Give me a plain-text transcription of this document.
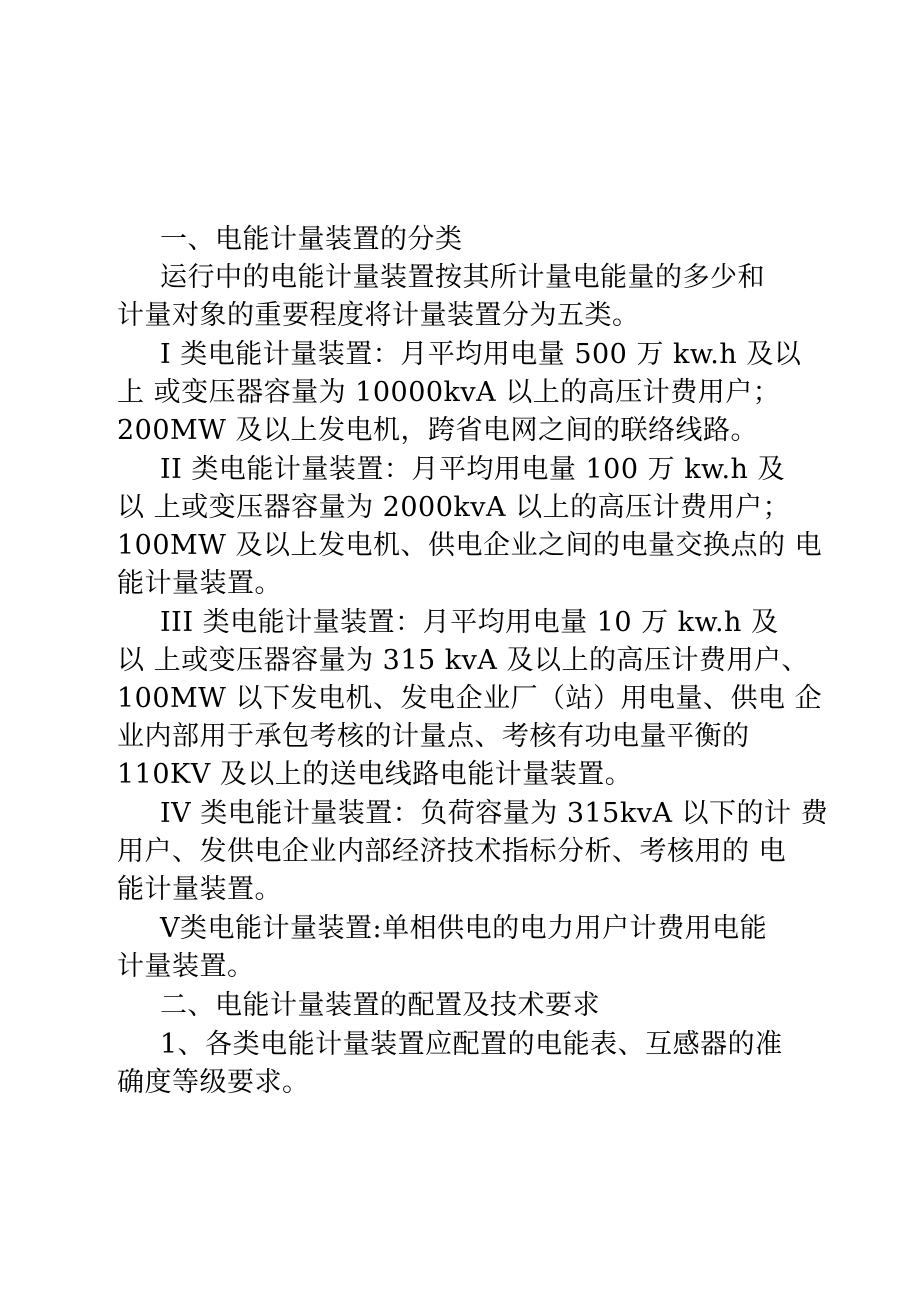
一、电能计量装置的分类
运行中的电能计量装置按其所计量电能量的多少和
计量对象的重要程度将计量装置分为五类。
I 类电能计量装置：月平均用电量 500 万 kw.h 及以
上 或变压器容量为 10000kvA 以上的高压计费用户；
200MW 及以上发电机，跨省电网之间的联络线路。
II 类电能计量装置：月平均用电量 100 万 kw.h 及
以 上或变压器容量为 2000kvA 以上的高压计费用户；
100MW 及以上发电机、供电企业之间的电量交换点的 电
能计量装置。
III 类电能计量装置：月平均用电量 10 万 kw.h 及
以 上或变压器容量为 315 kvA 及以上的高压计费用户、
100MW 以下发电机、发电企业厂（站）用电量、供电 企
业内部用于承包考核的计量点、考核有功电量平衡的
110KV 及以上的送电线路电能计量装置。
IV 类电能计量装置：负荷容量为 315kvA 以下的计 费
用户、发供电企业内部经济技术指标分析、考核用的 电
能计量装置。
V类电能计量装置:单相供电的电力用户计费用电能
计量装置。
二、电能计量装置的配置及技术要求
1、各类电能计量装置应配置的电能表、互感器的准
确度等级要求。
